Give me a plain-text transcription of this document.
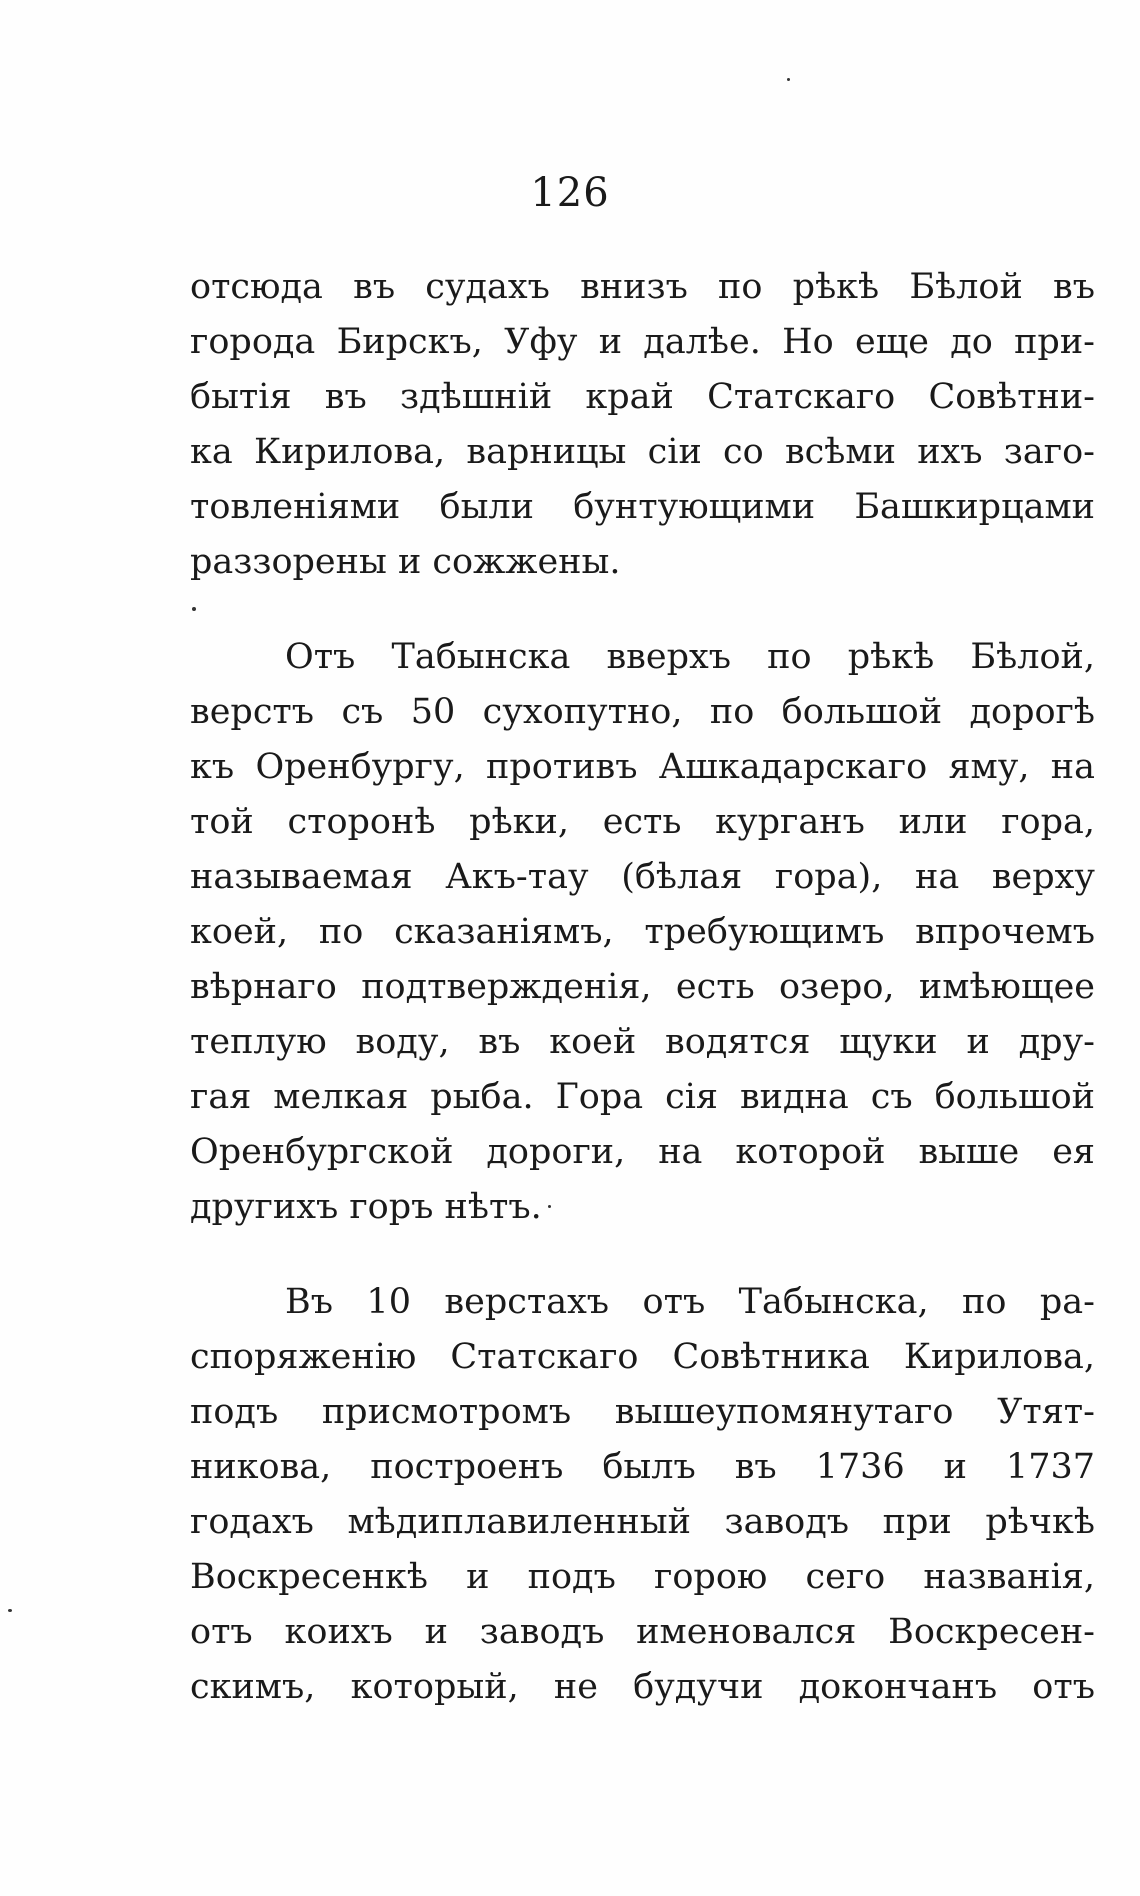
126
отсюда въ судахъ внизъ по рѣкѣ Бѣлой въ
города Бирскъ, Уфу и далѣе. Но еще до при-
бытія въ здѣшній край Статскаго Совѣтни-
ка Кирилова, варницы сіи со всѣми ихъ заго-
товленіями были бунтующими Башкирцами
раззорены и сожжены.
Отъ Табынска вверхъ по рѣкѣ Бѣлой,
верстъ съ 50 сухопутно, по большой дорогѣ
къ Оренбургу, противъ Ашкадарскаго яму, на
той сторонѣ рѣки, есть курганъ или гора,
называемая Акъ-тау (бѣлая гора), на верху
коей, по сказаніямъ, требующимъ впрочемъ
вѣрнаго подтвержденія, есть озеро, имѣющее
теплую воду, въ коей водятся щуки и дру-
гая мелкая рыба. Гора сія видна съ большой
Оренбургской дороги, на которой выше ея
другихъ горъ нѣтъ.
Въ 10 верстахъ отъ Табынска, по ра-
споряженію Статскаго Совѣтника Кирилова,
подъ присмотромъ вышеупомянутаго Утят-
никова, построенъ былъ въ 1736 и 1737
годахъ мѣдиплавиленный заводъ при рѣчкѣ
Воскресенкѣ и подъ горою сего названія,
отъ коихъ и заводъ именовался Воскресен-
скимъ, который, не будучи докончанъ отъ
